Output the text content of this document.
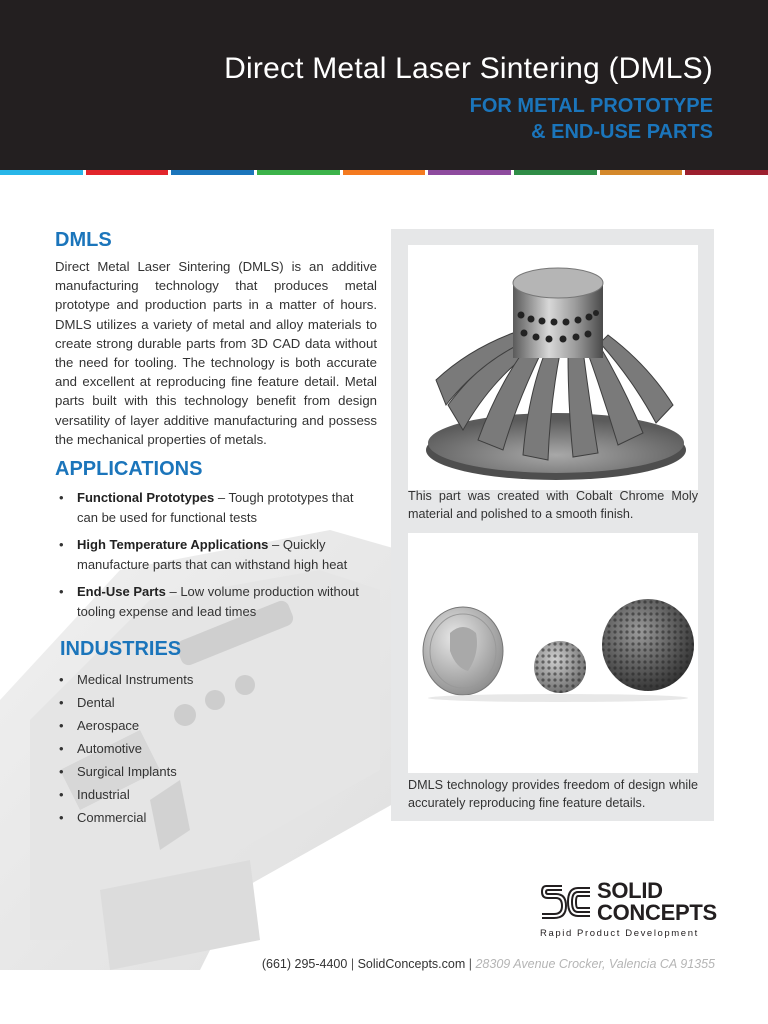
Direct Metal Laser Sintering (DMLS)
FOR METAL PROTOTYPE
& END-USE PARTS
DMLS

Direct Metal Laser Sintering (DMLS) is an additive manufacturing technology that produces metal prototype and production parts in a matter of hours. DMLS utilizes a variety of metal and alloy materials to create strong durable parts from 3D CAD data without the need for tooling. The technology is both accurate and excellent at reproducing fine feature detail. Metal parts built with this technology benefit from design versatility of layer additive manufacturing and possess the mechanical properties of metals.

APPLICATIONS
• Functional Prototypes – Tough prototypes that can be used for functional tests
• High Temperature Applications – Quickly manufacture parts that can withstand high heat
• End-Use Parts – Low volume production without tooling expense and lead times
INDUSTRIES
• Medical Instruments
• Dental
• Aerospace
• Automotive
• Surgical Implants
• Industrial
• Commercial
This part was created with Cobalt Chrome Moly material and polished to a smooth finish.
DMLS technology provides freedom of design while accurately reproducing fine feature details.
SOLID
CONCEPTS
Rapid Product Development
(661) 295-4400 | SolidConcepts.com | 28309 Avenue Crocker, Valencia CA 91355
